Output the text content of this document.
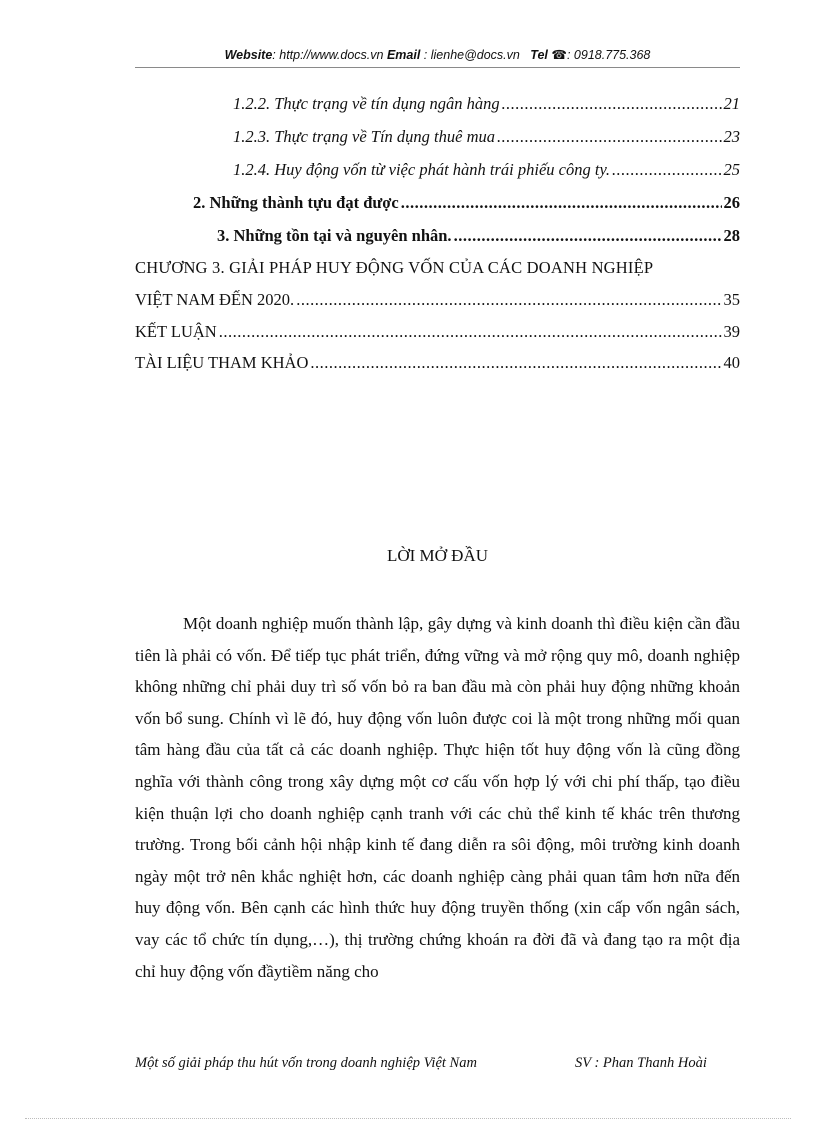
Website: http://www.docs.vn Email : lienhe@docs.vn Tel ☎: 0918.775.368
1.2.2. Thực trạng về tín dụng ngân hàng .....	21
1.2.3. Thực trạng về Tín dụng thuê mua .....	23
1.2.4. Huy động vốn từ việc phát hành trái phiếu công ty. .....	25
2. Những thành tựu đạt được .....	26
3. Những tồn tại và nguyên nhân. .....	28
CHƯƠNG 3. GIẢI PHÁP HUY ĐỘNG VỐN CỦA CÁC DOANH NGHIỆP
VIỆT NAM ĐẾN 2020. .....	35
KẾT LUẬN .....	39
TÀI LIỆU THAM KHẢO .....	40
LỜI MỞ ĐẦU

Một doanh nghiệp muốn thành lập, gây dựng và kinh doanh thì điều kiện cần đầu tiên là phải có vốn. Để tiếp tục phát triển, đứng vững và mở rộng quy mô, doanh nghiệp không những chỉ phải duy trì số vốn bỏ ra ban đầu mà còn phải huy động những khoản vốn bổ sung. Chính vì lẽ đó, huy động vốn luôn được coi là một trong những mối quan tâm hàng đầu của tất cả các doanh nghiệp. Thực hiện tốt huy động vốn là cũng đồng nghĩa với thành công trong xây dựng một cơ cấu vốn hợp lý với chi phí thấp, tạo điều kiện thuận lợi cho doanh nghiệp cạnh tranh với các chủ thể kinh tế khác trên thương trường. Trong bối cảnh hội nhập kinh tế đang diễn ra sôi động, môi trường kinh doanh ngày một trở nên khắc nghiệt hơn, các doanh nghiệp càng phải quan tâm hơn nữa đến huy động vốn. Bên cạnh các hình thức huy động truyền thống (xin cấp vốn ngân sách, vay các tổ chức tín dụng,…), thị trường chứng khoán ra đời đã và đang tạo ra một địa chỉ huy động vốn đầytiềm năng cho

Một số giải pháp thu hút vốn trong doanh nghiệp Việt Nam	SV : Phan Thanh Hoài
